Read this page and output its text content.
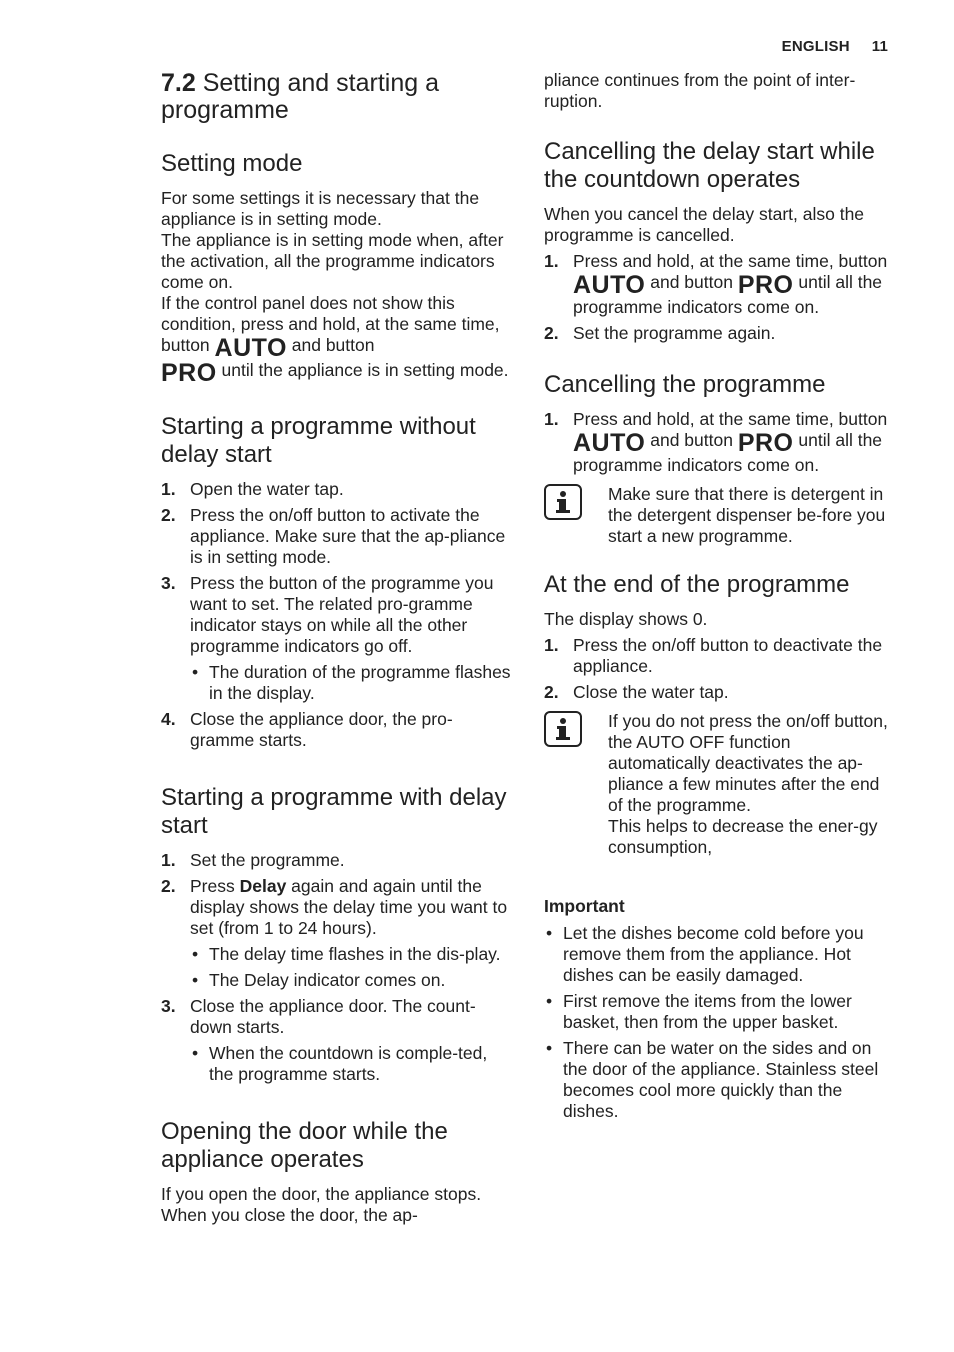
ENGLISH 11
7.2 Setting and starting a programme
Setting mode

For some settings it is necessary that the appliance is in setting mode.

The appliance is in setting mode when, after the activation, all the programme indicators come on.

If the control panel does not show this condition, press and hold, at the same time, button AUTO and button
PRO until the appliance is in setting mode.

Starting a programme without delay start
1. Open the water tap.
2. Press the on/off button to activate the appliance. Make sure that the ap-pliance is in setting mode.
3. Press the button of the programme you want to set. The related pro-gramme indicator stays on while all the other programme indicators go off.
• The duration of the programme flashes in the display.
4. Close the appliance door, the pro-gramme starts.
Starting a programme with delay start
1. Set the programme.
2. Press Delay again and again until the display shows the delay time you want to set (from 1 to 24 hours).
• The delay time flashes in the dis-play.
• The Delay indicator comes on.
3. Close the appliance door. The count-down starts.
• When the countdown is comple-ted, the programme starts.
Opening the door while the appliance operates

If you open the door, the appliance stops. When you close the door, the ap-

pliance continues from the point of inter-ruption.

Cancelling the delay start while the countdown operates

When you cancel the delay start, also the programme is cancelled.

1. Press and hold, at the same time, button AUTO and button PRO until all the programme indicators come on.
2. Set the programme again.
Cancelling the programme
1. Press and hold, at the same time, button AUTO and button PRO until all the programme indicators come on.
Make sure that there is detergent in the detergent dispenser be-fore you start a new programme.
At the end of the programme

The display shows 0.

1. Press the on/off button to deactivate the appliance.
2. Close the water tap.
If you do not press the on/off button, the AUTO OFF function automatically deactivates the ap-pliance a few minutes after the end of the programme.
This helps to decrease the ener-gy consumption,
Important
• Let the dishes become cold before you remove them from the appliance. Hot dishes can be easily damaged.
• First remove the items from the lower basket, then from the upper basket.
• There can be water on the sides and on the door of the appliance. Stainless steel becomes cool more quickly than the dishes.
